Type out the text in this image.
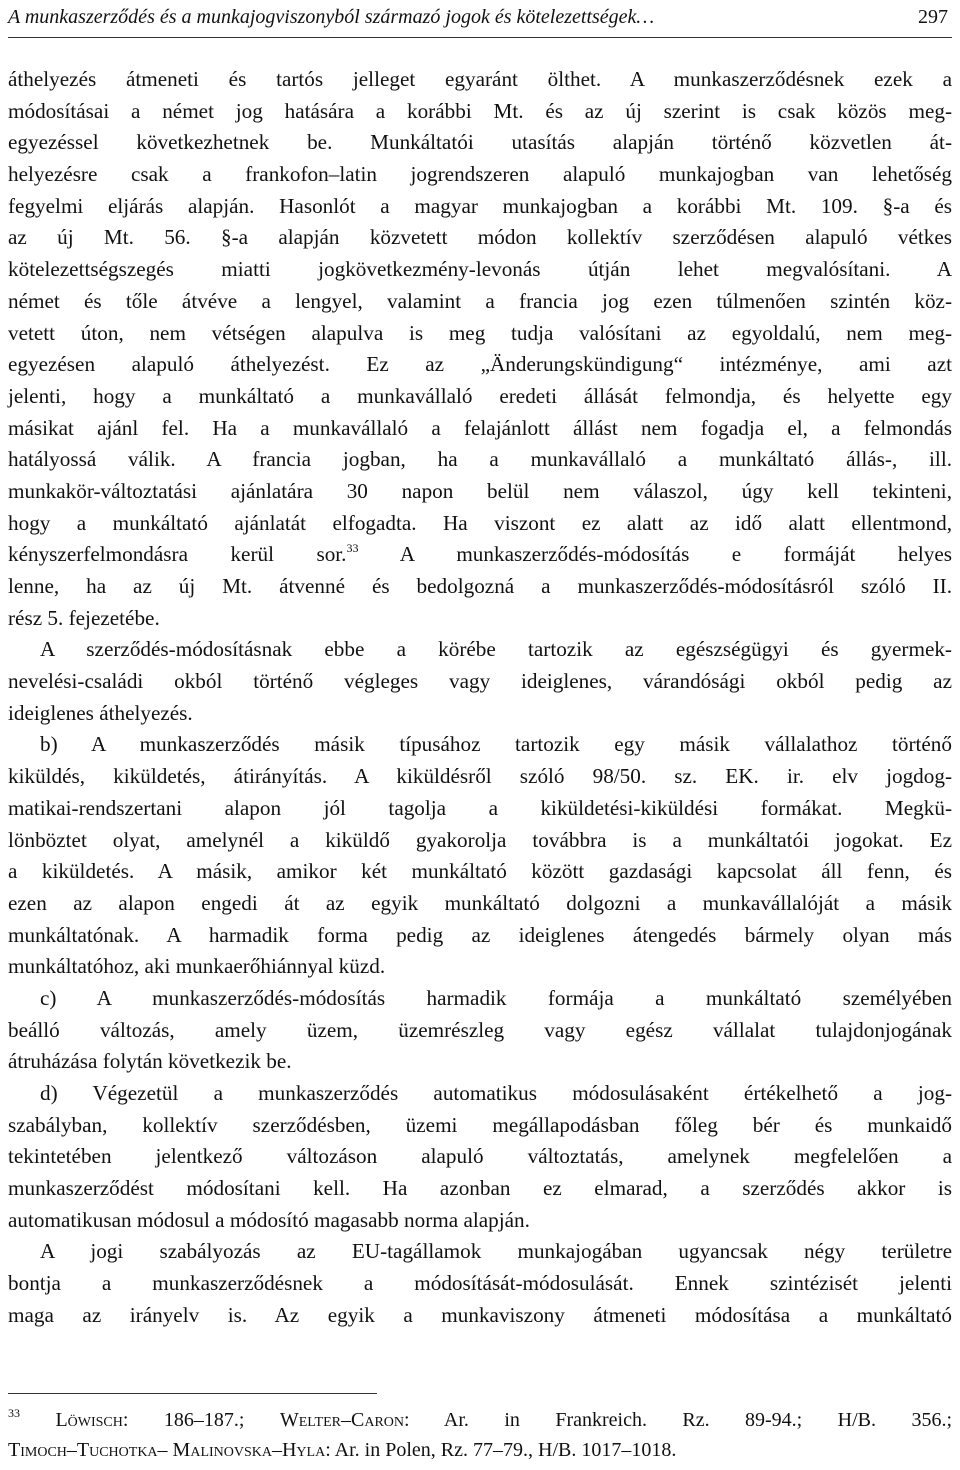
A munkaszerződés és a munkajogviszonyból származó jogok és kötelezettségek…	297
áthelyezés átmeneti és tartós jelleget egyaránt ölthet. A munkaszerződésnek ezek a
módosításai a német jog hatására a korábbi Mt. és az új szerint is csak közös meg-
egyezéssel következhetnek be. Munkáltatói utasítás alapján történő közvetlen át-
helyezésre csak a frankofon–latin jogrendszeren alapuló munkajogban van lehetőség
fegyelmi eljárás alapján. Hasonlót a magyar munkajogban a korábbi Mt. 109. §-a és
az új Mt. 56. §-a alapján közvetett módon kollektív szerződésen alapuló vétkes
kötelezettségszegés miatti jogkövetkezmény-levonás útján lehet megvalósítani. A
német és tőle átvéve a lengyel, valamint a francia jog ezen túlmenően szintén köz-
vetett úton, nem vétségen alapulva is meg tudja valósítani az egyoldalú, nem meg-
egyezésen alapuló áthelyezést. Ez az „Änderungskündigung“ intézménye, ami azt
jelenti, hogy a munkáltató a munkavállaló eredeti állását felmondja, és helyette egy
másikat ajánl fel. Ha a munkavállaló a felajánlott állást nem fogadja el, a felmondás
hatályossá válik. A francia jogban, ha a munkavállaló a munkáltató állás-, ill.
munkakör-változtatási ajánlatára 30 napon belül nem válaszol, úgy kell tekinteni,
hogy a munkáltató ajánlatát elfogadta. Ha viszont ez alatt az idő alatt ellentmond,
kényszerfelmondásra kerül sor.$^{33}$ A munkaszerződés-módosítás e formáját helyes
lenne, ha az új Mt. átvenné és bedolgozná a munkaszerződés-módosításról szóló II.
rész 5. fejezetébe.
A szerződés-módosításnak ebbe a körébe tartozik az egészségügyi és gyermek-
nevelési-családi okból történő végleges vagy ideiglenes, várandósági okból pedig az
ideiglenes áthelyezés.
b) A munkaszerződés másik típusához tartozik egy másik vállalathoz történő
kiküldés, kiküldetés, átirányítás. A kiküldésről szóló 98/50. sz. EK. ir. elv jogdog-
matikai-rendszertani alapon jól tagolja a kiküldetési-kiküldési formákat. Megkü-
lönböztet olyat, amelynél a kiküldő gyakorolja továbbra is a munkáltatói jogokat. Ez
a kiküldetés. A másik, amikor két munkáltató között gazdasági kapcsolat áll fenn, és
ezen az alapon engedi át az egyik munkáltató dolgozni a munkavállalóját a másik
munkáltatónak. A harmadik forma pedig az ideiglenes átengedés bármely olyan más
munkáltatóhoz, aki munkaerőhiánnyal küzd.
c) A munkaszerződés-módosítás harmadik formája a munkáltató személyében
beálló változás, amely üzem, üzemrészleg vagy egész vállalat tulajdonjogának
átruházása folytán következik be.
d) Végezetül a munkaszerződés automatikus módosulásaként értékelhető a jog-
szabályban, kollektív szerződésben, üzemi megállapodásban főleg bér és munkaidő
tekintetében jelentkező változáson alapuló változtatás, amelynek megfelelően a
munkaszerződést módosítani kell. Ha azonban ez elmarad, a szerződés akkor is
automatikusan módosul a módosító magasabb norma alapján.
A jogi szabályozás az EU-tagállamok munkajogában ugyancsak négy területre
bontja a munkaszerződésnek a módosítását-módosulását. Ennek szintézisét jelenti
maga az irányelv is. Az egyik a munkaviszony átmeneti módosítása a munkáltató
$^{33}$ Löwisch: 186–187.; Welter–Caron: Ar. in Frankreich. Rz. 89-94.; H/B. 356.;
Timoch–Tuchotka– Malinovska–Hyla: Ar. in Polen, Rz. 77–79., H/B. 1017–1018.
